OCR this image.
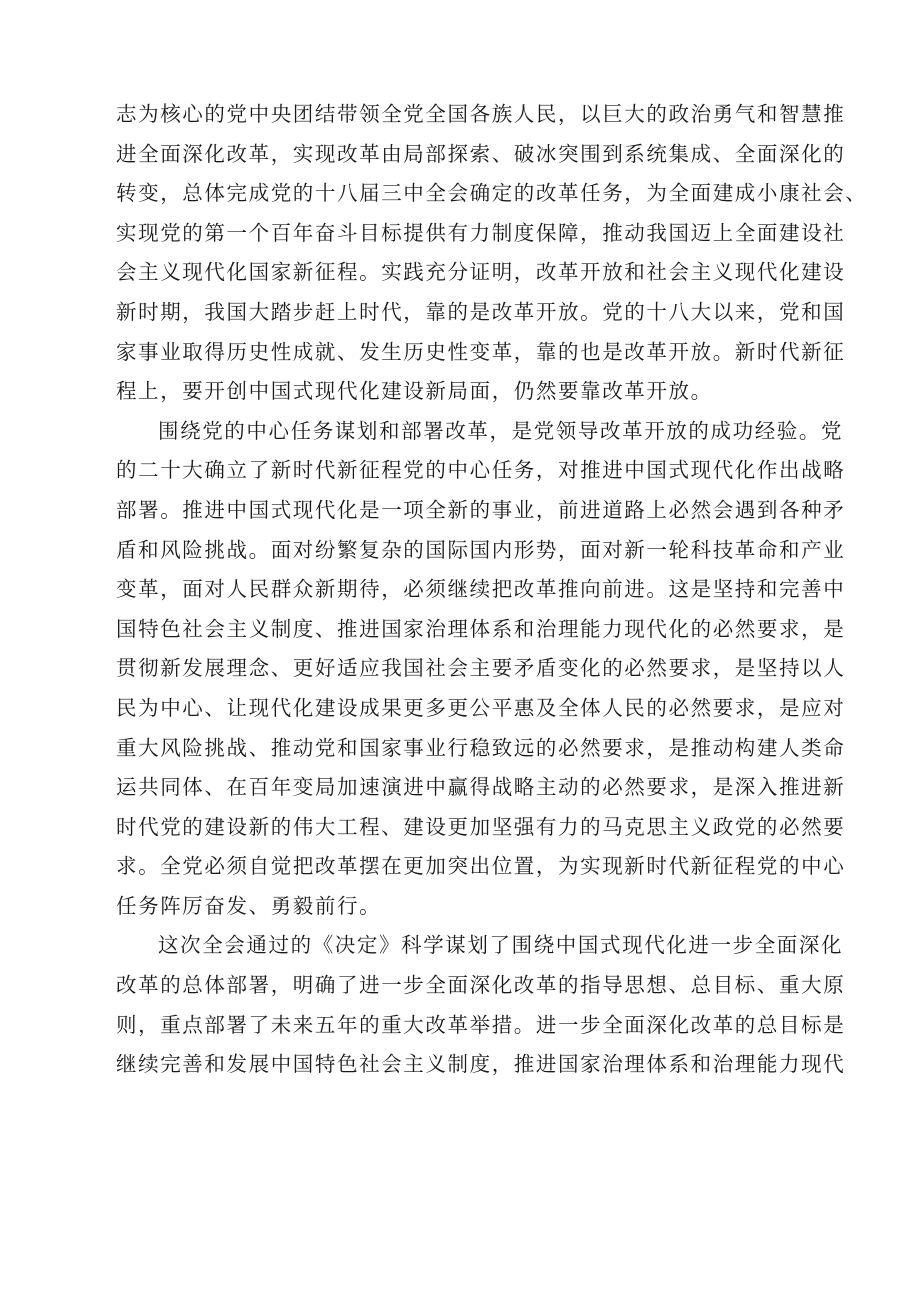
志为核心的党中央团结带领全党全国各族人民，以巨大的政治勇气和智慧推
进全面深化改革，实现改革由局部探索、破冰突围到系统集成、全面深化的
转变，总体完成党的十八届三中全会确定的改革任务，为全面建成小康社会、
实现党的第一个百年奋斗目标提供有力制度保障，推动我国迈上全面建设社
会主义现代化国家新征程。实践充分证明，改革开放和社会主义现代化建设
新时期，我国大踏步赶上时代，靠的是改革开放。党的十八大以来，党和国
家事业取得历史性成就、发生历史性变革，靠的也是改革开放。新时代新征
程上，要开创中国式现代化建设新局面，仍然要靠改革开放。
围绕党的中心任务谋划和部署改革，是党领导改革开放的成功经验。党
的二十大确立了新时代新征程党的中心任务，对推进中国式现代化作出战略
部署。推进中国式现代化是一项全新的事业，前进道路上必然会遇到各种矛
盾和风险挑战。面对纷繁复杂的国际国内形势，面对新一轮科技革命和产业
变革，面对人民群众新期待，必须继续把改革推向前进。这是坚持和完善中
国特色社会主义制度、推进国家治理体系和治理能力现代化的必然要求，是
贯彻新发展理念、更好适应我国社会主要矛盾变化的必然要求，是坚持以人
民为中心、让现代化建设成果更多更公平惠及全体人民的必然要求，是应对
重大风险挑战、推动党和国家事业行稳致远的必然要求，是推动构建人类命
运共同体、在百年变局加速演进中赢得战略主动的必然要求，是深入推进新
时代党的建设新的伟大工程、建设更加坚强有力的马克思主义政党的必然要
求。全党必须自觉把改革摆在更加突出位置，为实现新时代新征程党的中心
任务阵厉奋发、勇毅前行。
这次全会通过的《决定》科学谋划了围绕中国式现代化进一步全面深化
改革的总体部署，明确了进一步全面深化改革的指导思想、总目标、重大原
则，重点部署了未来五年的重大改革举措。进一步全面深化改革的总目标是
继续完善和发展中国特色社会主义制度，推进国家治理体系和治理能力现代
